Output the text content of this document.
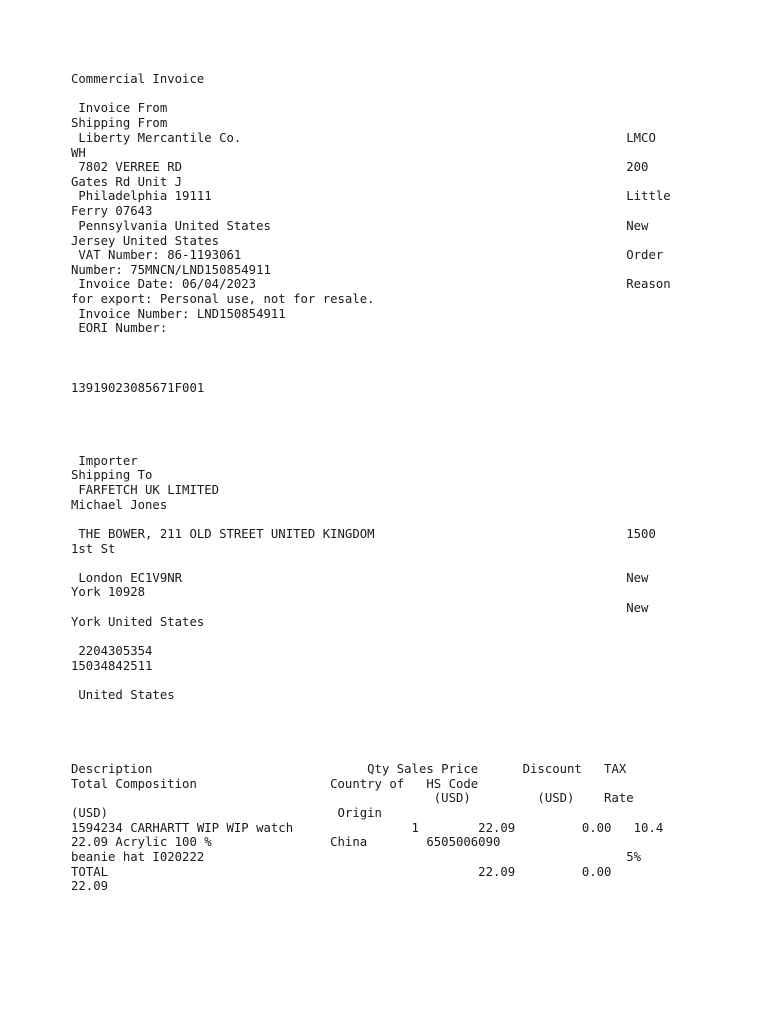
Commercial Invoice

Invoice From

Shipping From

Liberty Mercantile Co.                                                    LMCO

WH

7802 VERREE RD                                                            200

Gates Rd Unit J

Philadelphia 19111                                                        Little

Ferry 07643

Pennsylvania United States                                                New

Jersey United States

VAT Number: 86-1193061                                                    Order

Number: 75MNCN/LND150854911

Invoice Date: 06/04/2023                                                  Reason

for export: Personal use, not for resale.

Invoice Number: LND150854911

EORI Number:

13919023085671F001

Importer

Shipping To

FARFETCH UK LIMITED

Michael Jones

THE BOWER, 211 OLD STREET UNITED KINGDOM                                  1500

1st St

London EC1V9NR                                                            New

York 10928

New

York United States

2204305354

15034842511

United States

Description                             Qty Sales Price      Discount   TAX

Total Composition                  Country of   HS Code

(USD)         (USD)    Rate

(USD)                               Origin

1594234 CARHARTT WIP WIP watch                1        22.09         0.00   10.4

22.09 Acrylic 100 %                China        6505006090

beanie hat I020222                                                         5%

TOTAL                                                  22.09         0.00

22.09
